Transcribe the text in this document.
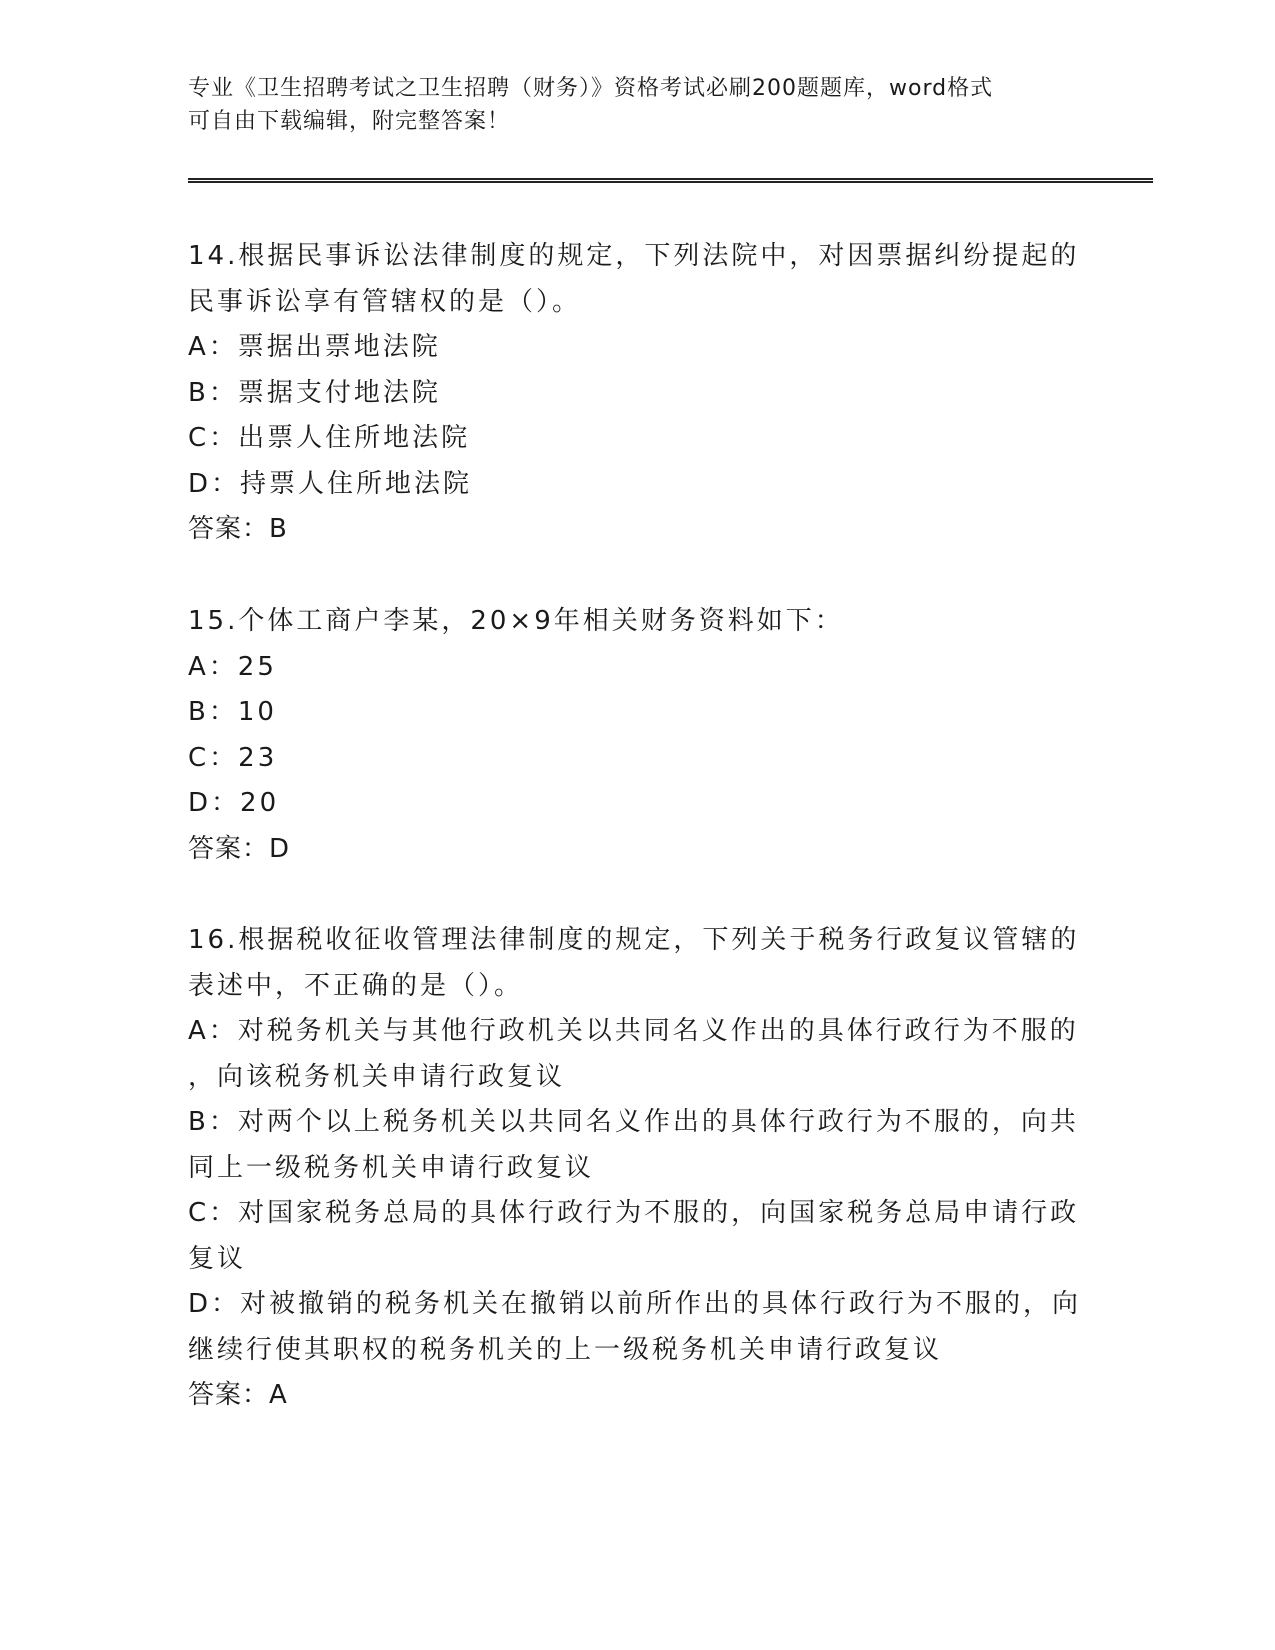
专业《卫生招聘考试之卫生招聘（财务）》资格考试必刷200题题库，word格式
可自由下载编辑，附完整答案！
14.根据民事诉讼法律制度的规定，下列法院中，对因票据纠纷提起的
民事诉讼享有管辖权的是（）。
A：票据出票地法院
B：票据支付地法院
C：出票人住所地法院
D：持票人住所地法院
答案：B
15.个体工商户李某，20×9年相关财务资料如下：
A：25
B：10
C：23
D：20
答案：D
16.根据税收征收管理法律制度的规定，下列关于税务行政复议管辖的
表述中，不正确的是（）。
A：对税务机关与其他行政机关以共同名义作出的具体行政行为不服的
，向该税务机关申请行政复议
B：对两个以上税务机关以共同名义作出的具体行政行为不服的，向共
同上一级税务机关申请行政复议
C：对国家税务总局的具体行政行为不服的，向国家税务总局申请行政
复议
D：对被撤销的税务机关在撤销以前所作出的具体行政行为不服的，向
继续行使其职权的税务机关的上一级税务机关申请行政复议
答案：A
